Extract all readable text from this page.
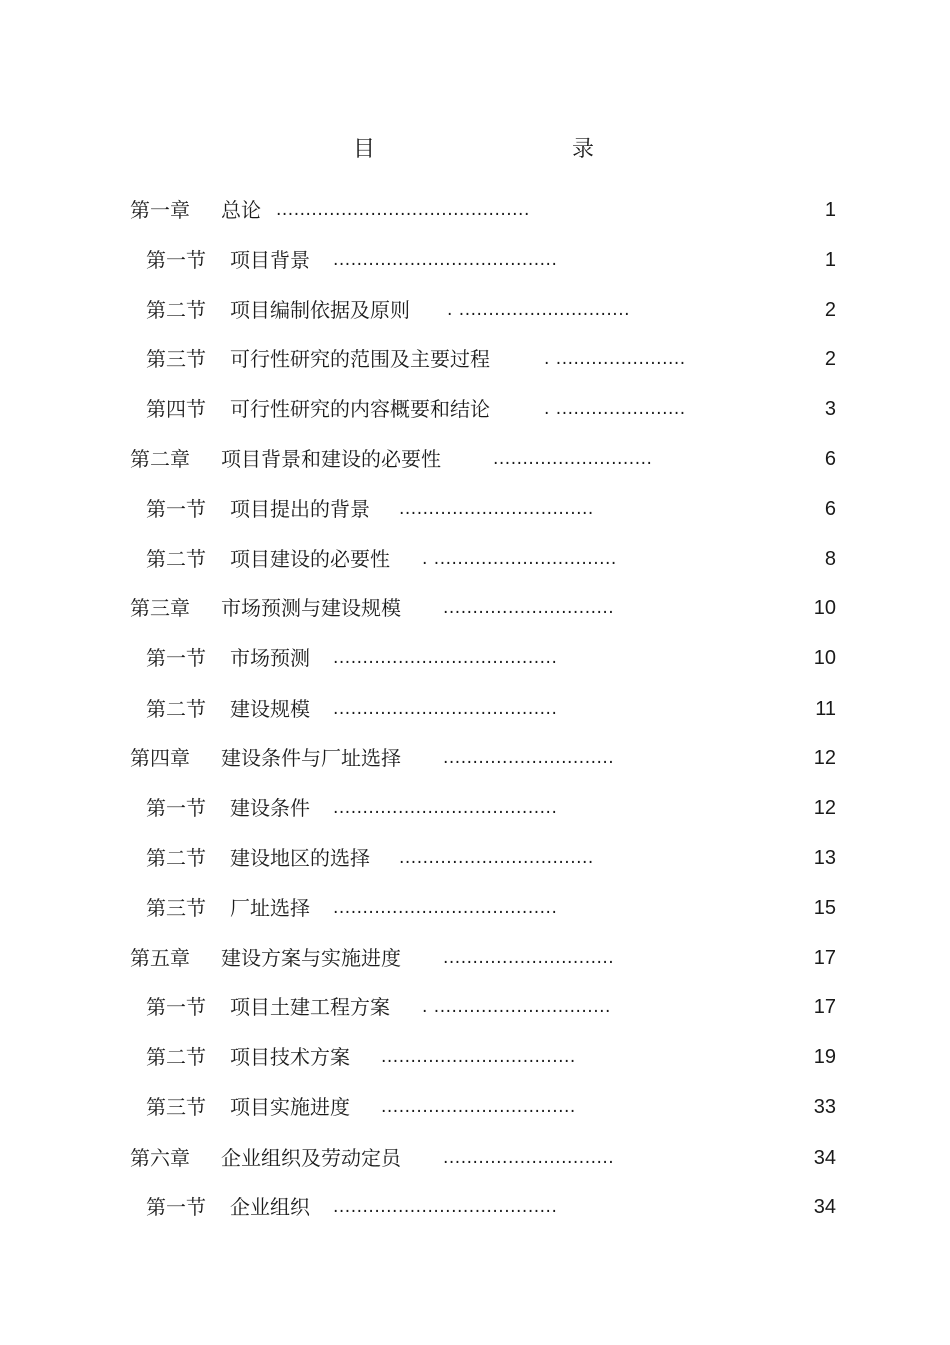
目	录
第一章 总论 ...........................................	1
第一节 项目背景 ......................................	1
第二节 项目编制依据及原则 . .............................	2
第三节 可行性研究的范围及主要过程	. ......................	2
第四节 可行性研究的内容概要和结论	. ......................	3
第二章 项目背景和建设的必要性	...........................	6
第一节 项目提出的背景 .................................	6
第二节 项目建设的必要性 . ...............................	8
第三章 市场预测与建设规模 .............................	10
第一节 市场预测 ......................................	10
第二节 建设规模 ......................................	11
第四章 建设条件与厂址选择 .............................	12
第一节 建设条件 ......................................	12
第二节 建设地区的选择 .................................	13
第三节 厂址选择 ......................................	15
第五章 建设方案与实施进度 .............................	17
第一节 项目土建工程方案 . ..............................	17
第二节 项目技术方案 .................................	19
第三节 项目实施进度 .................................	33
第六章 企业组织及劳动定员 .............................	34
第一节 企业组织 ......................................	34
